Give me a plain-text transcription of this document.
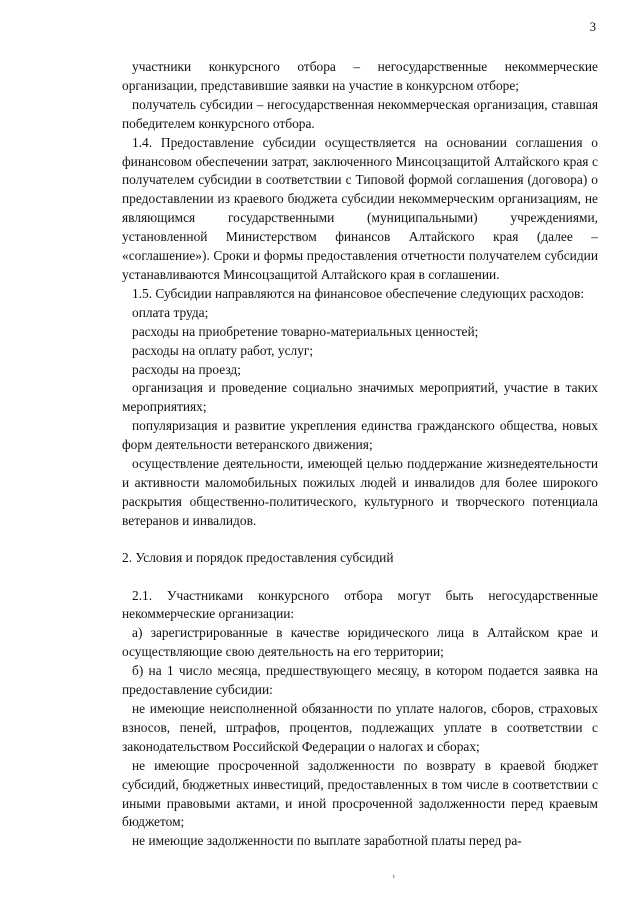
3

участники конкурсного отбора – негосударственные некоммерческие организации, представившие заявки на участие в конкурсном отборе;

получатель субсидии – негосударственная некоммерческая организация, ставшая победителем конкурсного отбора.

1.4. Предоставление субсидии осуществляется на основании соглашения о финансовом обеспечении затрат, заключенного Минсоцзащитой Алтайского края с получателем субсидии в соответствии с Типовой формой соглашения (договора) о предоставлении из краевого бюджета субсидии некоммерческим организациям, не являющимся государственными (муниципальными) учреждениями, установленной Министерством финансов Алтайского края (далее – «соглашение»). Сроки и формы предоставления отчетности получателем субсидии устанавливаются Минсоцзащитой Алтайского края в соглашении.

1.5. Субсидии направляются на финансовое обеспечение следующих расходов:

оплата труда;

расходы на приобретение товарно-материальных ценностей;

расходы на оплату работ, услуг;

расходы на проезд;

организация и проведение социально значимых мероприятий, участие в таких мероприятиях;

популяризация и развитие укрепления единства гражданского общества, новых форм деятельности ветеранского движения;

осуществление деятельности, имеющей целью поддержание жизнедеятельности и активности маломобильных пожилых людей и инвалидов для более широкого раскрытия общественно-политического, культурного и творческого потенциала ветеранов и инвалидов.

2. Условия и порядок предоставления субсидий

2.1. Участниками конкурсного отбора могут быть негосударственные некоммерческие организации:

а) зарегистрированные в качестве юридического лица в Алтайском крае и осуществляющие свою деятельность на его территории;

б) на 1 число месяца, предшествующего месяцу, в котором подается заявка на предоставление субсидии:

не имеющие неисполненной обязанности по уплате налогов, сборов, страховых взносов, пеней, штрафов, процентов, подлежащих уплате в соответствии с законодательством Российской Федерации о налогах и сборах;

не имеющие просроченной задолженности по возврату в краевой бюджет субсидий, бюджетных инвестиций, предоставленных в том числе в соответствии с иными правовыми актами, и иной просроченной задолженности перед краевым бюджетом;

не имеющие задолженности по выплате заработной платы перед ра-

›
